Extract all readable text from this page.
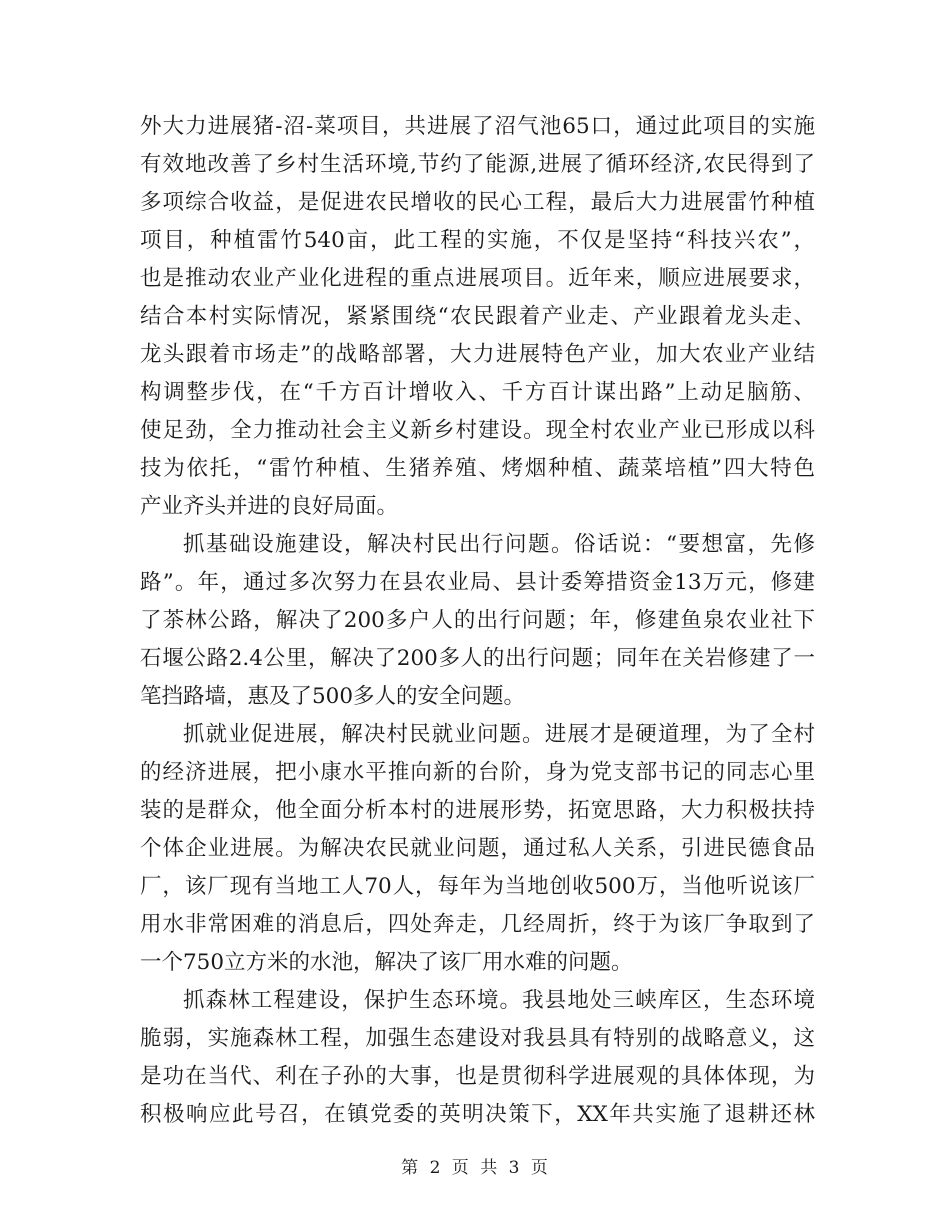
外大力进展猪-沼-菜项目，共进展了沼气池65口，通过此项目的实施
有效地改善了乡村生活环境,节约了能源,进展了循环经济,农民得到了
多项综合收益，是促进农民增收的民心工程，最后大力进展雷竹种植
项目，种植雷竹540亩，此工程的实施，不仅是坚持“科技兴农”，
也是推动农业产业化进程的重点进展项目。近年来，顺应进展要求，
结合本村实际情况，紧紧围绕“农民跟着产业走、产业跟着龙头走、
龙头跟着市场走”的战略部署，大力进展特色产业，加大农业产业结
构调整步伐，在“千方百计增收入、千方百计谋出路”上动足脑筋、
使足劲，全力推动社会主义新乡村建设。现全村农业产业已形成以科
技为依托，“雷竹种植、生猪养殖、烤烟种植、蔬菜培植”四大特色
产业齐头并进的良好局面。
抓基础设施建设，解决村民出行问题。俗话说：“要想富，先修
路”。年，通过多次努力在县农业局、县计委筹措资金13万元，修建
了茶林公路，解决了200多户人的出行问题；年，修建鱼泉农业社下
石堰公路2.4公里，解决了200多人的出行问题；同年在关岩修建了一
笔挡路墙，惠及了500多人的安全问题。
抓就业促进展，解决村民就业问题。进展才是硬道理，为了全村
的经济进展，把小康水平推向新的台阶，身为党支部书记的同志心里
装的是群众，他全面分析本村的进展形势，拓宽思路，大力积极扶持
个体企业进展。为解决农民就业问题，通过私人关系，引进民德食品
厂，该厂现有当地工人70人，每年为当地创收500万，当他听说该厂
用水非常困难的消息后，四处奔走，几经周折，终于为该厂争取到了
一个750立方米的水池，解决了该厂用水难的问题。
抓森林工程建设，保护生态环境。我县地处三峡库区，生态环境
脆弱，实施森林工程，加强生态建设对我县具有特别的战略意义，这
是功在当代、利在子孙的大事，也是贯彻科学进展观的具体体现，为
积极响应此号召，在镇党委的英明决策下，XX年共实施了退耕还林
第 2 页 共 3 页
